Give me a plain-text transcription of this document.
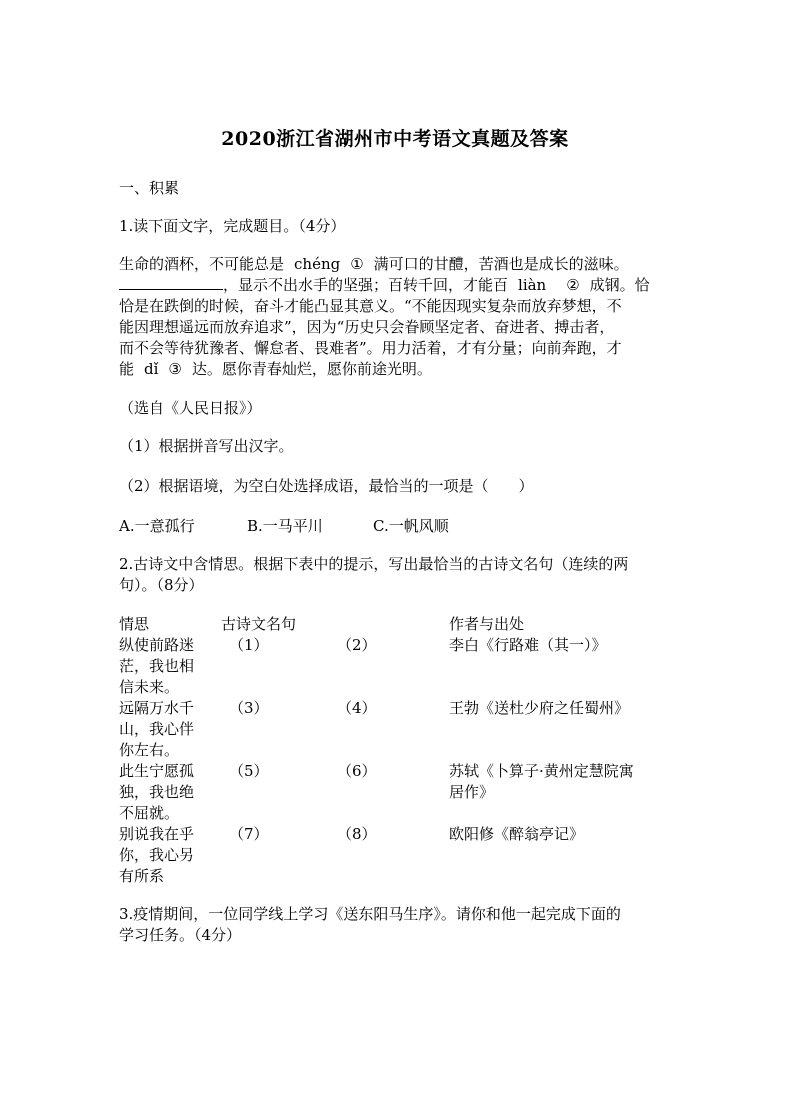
2020浙江省湖州市中考语文真题及答案
一、积累
1.读下面文字，完成题目。（4分）
生命的酒杯，不可能总是 chéng ① 满可口的甘醴，苦酒也是成长的滋味。
，显示不出水手的坚强；百转千回，才能百 liàn ② 成钢。恰
恰是在跌倒的时候，奋斗才能凸显其意义。“不能因现实复杂而放弃梦想，不
能因理想遥远而放弃追求”，因为“历史只会眷顾坚定者、奋进者、搏击者，
而不会等待犹豫者、懈怠者、畏难者”。用力活着，才有分量；向前奔跑，才
能 dǐ ③ 达。愿你青春灿烂，愿你前途光明。
（选自《人民日报》）
（1）根据拼音写出汉字。
（2）根据语境，为空白处选择成语，最恰当的一项是（　　）
A.一意孤行	B.一马平川	C.一帆风顺
2.古诗文中含情思。根据下表中的提示，写出最恰当的古诗文名句（连续的两
句）。（8分）
情思	古诗文名句	作者与出处
纵使前路迷
茫，我也相
信未来。
（1）	（2）	李白《行路难（其一）》
远隔万水千
山，我心伴
你左右。
（3）	（4）	王勃《送杜少府之任蜀州》
此生宁愿孤
独，我也绝
不屈就。
（5）	（6）	苏轼《卜算子·黄州定慧院寓
居作》
别说我在乎
你，我心另
有所系
（7）	（8）	欧阳修《醉翁亭记》
3.疫情期间，一位同学线上学习《送东阳马生序》。请你和他一起完成下面的
学习任务。（4分）
